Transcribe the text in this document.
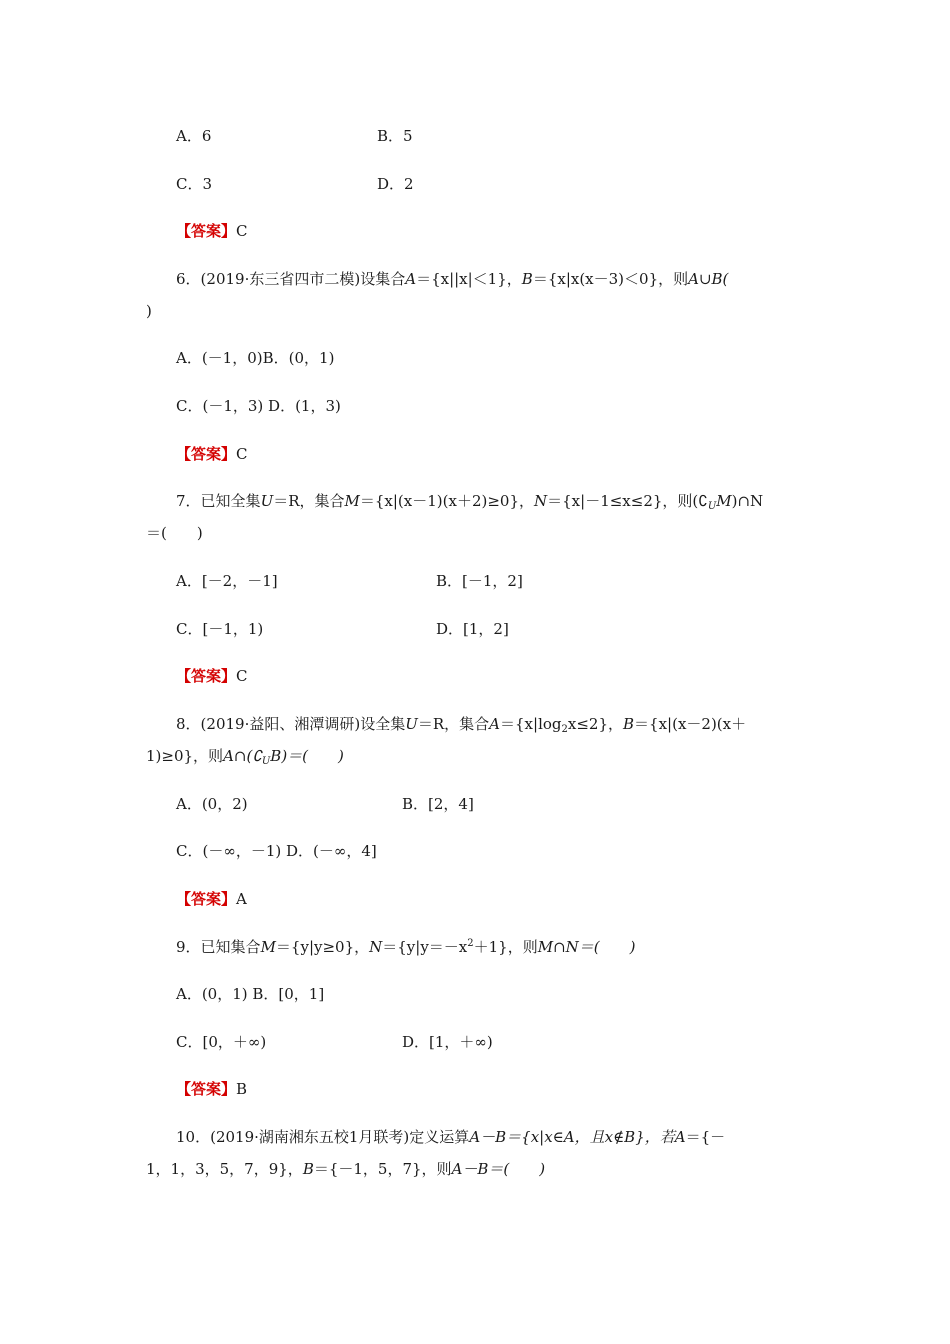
A．6	B．5
C．3	D．2
【答案】C
6．(2019·东三省四市二模)设集合A＝{x||x|＜1}，B＝{x|x(x－3)＜0}，则A∪B(
)
A．(－1，0)B．(0，1)
C．(－1，3) D．(1，3)
【答案】C
7．已知全集U＝R，集合M＝{x|(x－1)(x＋2)≥0}，N＝{x|－1≤x≤2}，则$(∁_UM)\cap N$
＝(　　)
A．[－2，－1]	B．[－1，2]
C．[－1，1)	D．[1，2]
【答案】C
8．(2019·益阳、湘潭调研)设全集U＝R，集合$A=\{x|\log_2x\le 2\}$，B＝{x|(x－2)(x＋
1)≥0}，则$A\cap(∁_UB)=$(　　)
A．(0，2)	B．[2，4]
C．(－∞，－1) D．(－∞，4]
【答案】A
9．已知集合M＝{y|y≥0}，$N=\{y|y=-x^2+1\}$，则M∩N＝(　　)
A．(0，1) B．[0，1]
C．[0，＋∞)	D．[1，＋∞)
【答案】B
10．(2019·湖南湘东五校1月联考)定义运算A－B＝{x|x∈A，且x∉B}，若A＝{－
1，1，3，5，7，9}，B＝{－1，5，7}，则A－B＝(　　)
